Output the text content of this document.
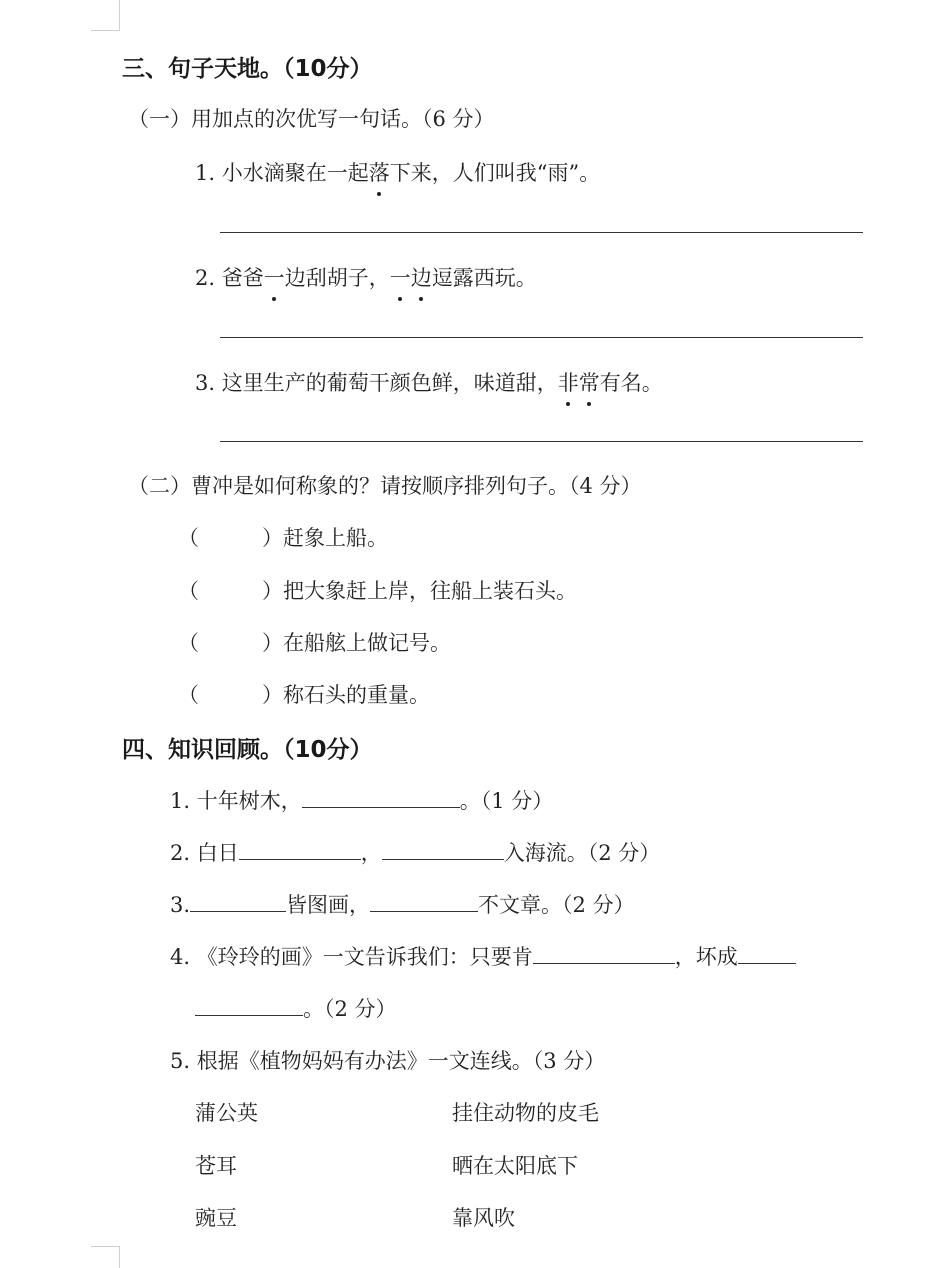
三、句子天地。（10分）
（一）用加点的次优写一句话。（6 分）
1. 小水滴聚在一起落下来，人们叫我“雨”。
2. 爸爸一边刮胡子，一边逗露西玩。
3. 这里生产的葡萄干颜色鲜，味道甜，非常有名。
（二）曹冲是如何称象的？请按顺序排列句子。（4 分）
（　　　）赶象上船。
（　　　）把大象赶上岸，往船上装石头。
（　　　）在船舷上做记号。
（　　　）称石头的重量。
四、知识回顾。（10分）
1. 十年树木，	。（1 分）
2. 白日	，	入海流。（2 分）
3.	皆图画，	不文章。（2 分）
4. 《玲玲的画》一文告诉我们：只要肯	，坏成
。（2 分）
5. 根据《植物妈妈有办法》一文连线。（3 分）
蒲公英	挂住动物的皮毛
苍耳	晒在太阳底下
豌豆	靠风吹
